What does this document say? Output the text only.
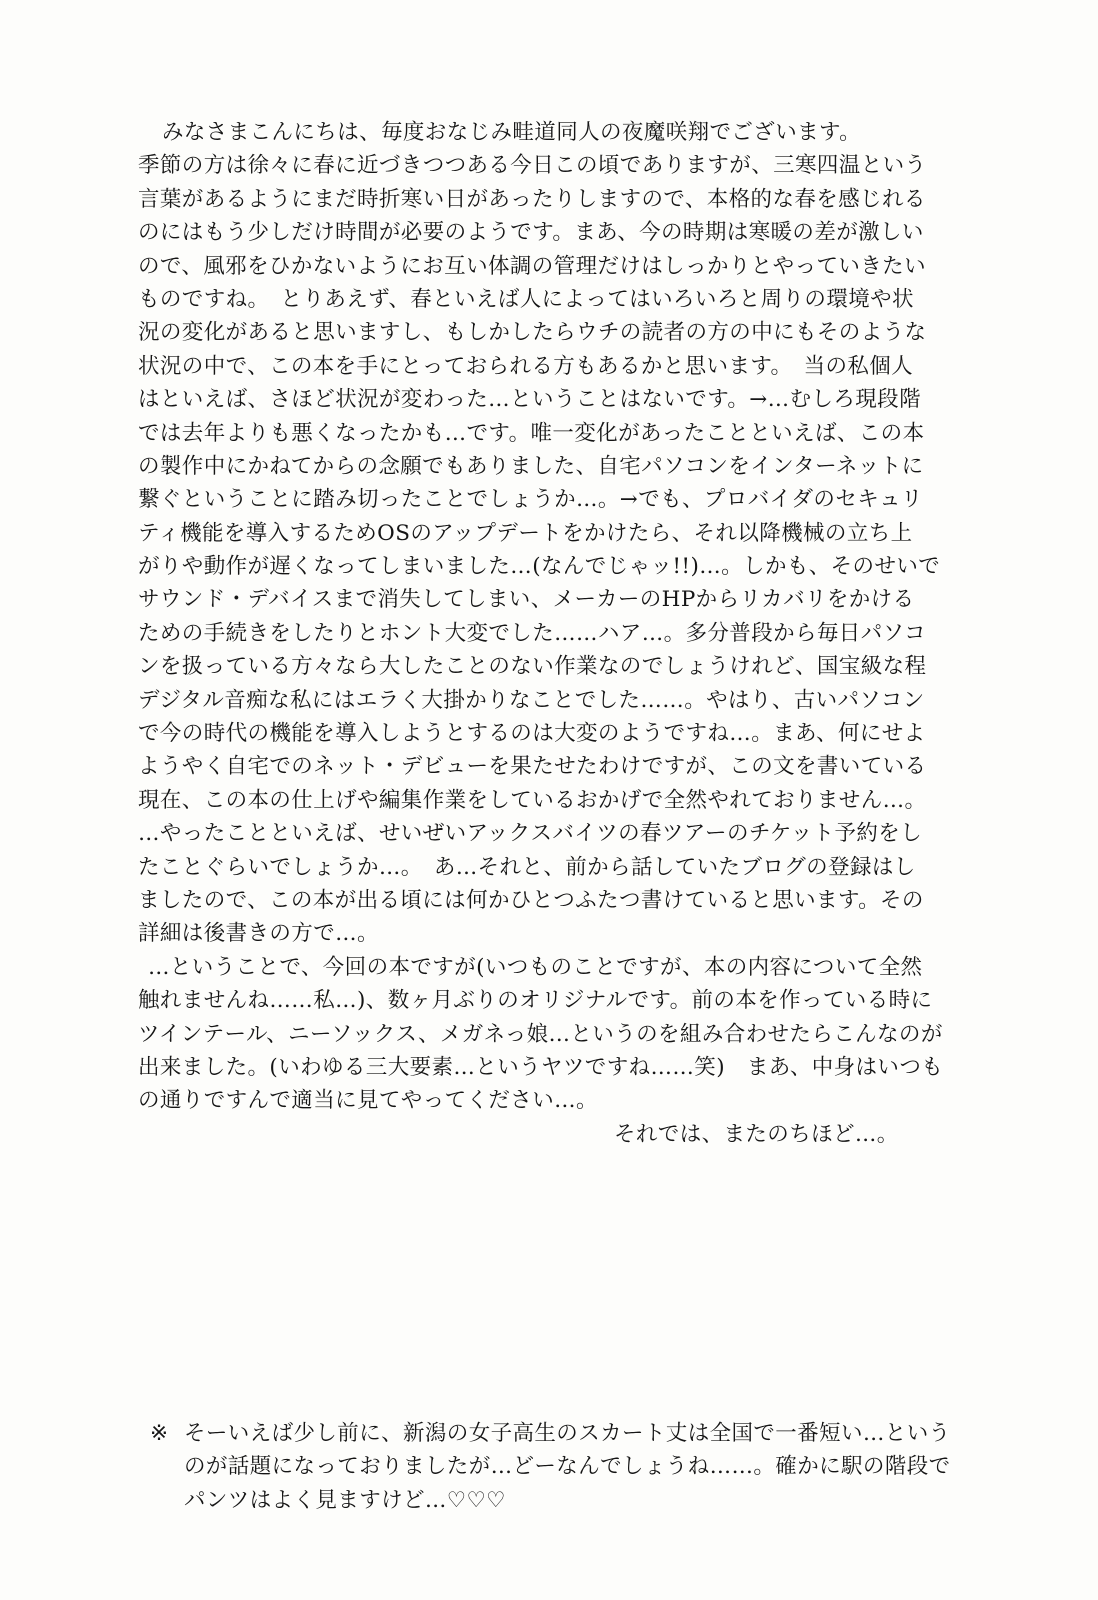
みなさまこんにちは、毎度おなじみ畦道同人の夜魔咲翔でございます。
季節の方は徐々に春に近づきつつある今日この頃でありますが、三寒四温という
言葉があるようにまだ時折寒い日があったりしますので、本格的な春を感じれる
のにはもう少しだけ時間が必要のようです。まあ、今の時期は寒暖の差が激しい
ので、風邪をひかないようにお互い体調の管理だけはしっかりとやっていきたい
ものですね。　とりあえず、春といえば人によってはいろいろと周りの環境や状
況の変化があると思いますし、もしかしたらウチの読者の方の中にもそのような
状況の中で、この本を手にとっておられる方もあるかと思います。　当の私個人
はといえば、さほど状況が変わった…ということはないです。→…むしろ現段階
では去年よりも悪くなったかも…です。唯一変化があったことといえば、この本
の製作中にかねてからの念願でもありました、自宅パソコンをインターネットに
繋ぐということに踏み切ったことでしょうか…。→でも、プロバイダのセキュリ
ティ機能を導入するためOSのアップデートをかけたら、それ以降機械の立ち上
がりや動作が遅くなってしまいました…(なんでじゃッ!!)…。しかも、そのせいで
サウンド・デバイスまで消失してしまい、メーカーのHPからリカバリをかける
ための手続きをしたりとホント大変でした……ハア…。多分普段から毎日パソコ
ンを扱っている方々なら大したことのない作業なのでしょうけれど、国宝級な程
デジタル音痴な私にはエラく大掛かりなことでした……。やはり、古いパソコン
で今の時代の機能を導入しようとするのは大変のようですね…。まあ、何にせよ
ようやく自宅でのネット・デビューを果たせたわけですが、この文を書いている
現在、この本の仕上げや編集作業をしているおかげで全然やれておりません…。
…やったことといえば、せいぜいアックスバイツの春ツアーのチケット予約をし
たことぐらいでしょうか…。　あ…それと、前から話していたブログの登録はし
ましたので、この本が出る頃には何かひとつふたつ書けていると思います。その
詳細は後書きの方で…。
…ということで、今回の本ですが(いつものことですが、本の内容について全然
触れませんね……私…)、数ヶ月ぶりのオリジナルです。前の本を作っている時に
ツインテール、ニーソックス、メガネっ娘…というのを組み合わせたらこんなのが
出来ました。(いわゆる三大要素…というヤツですね……笑)　まあ、中身はいつも
の通りですんで適当に見てやってください…。
それでは、またのちほど…。
※ そーいえば少し前に、新潟の女子高生のスカート丈は全国で一番短い…という
のが話題になっておりましたが…どーなんでしょうね……。確かに駅の階段で
パンツはよく見ますけど…♡♡♡
